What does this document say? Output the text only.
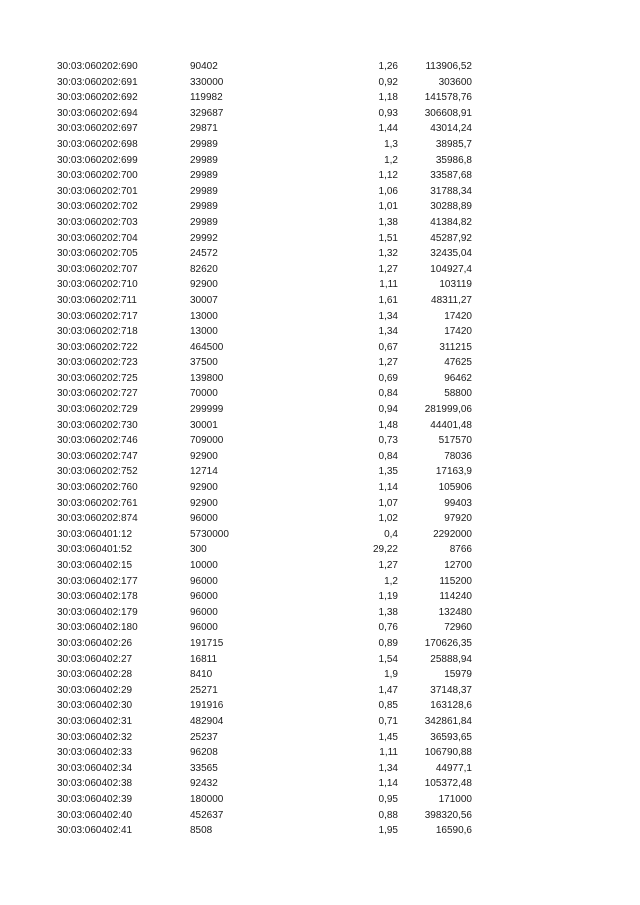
30:03:060202:690	90402	1,26	113906,52
30:03:060202:691	330000	0,92	303600
30:03:060202:692	119982	1,18	141578,76
30:03:060202:694	329687	0,93	306608,91
30:03:060202:697	29871	1,44	43014,24
30:03:060202:698	29989	1,3	38985,7
30:03:060202:699	29989	1,2	35986,8
30:03:060202:700	29989	1,12	33587,68
30:03:060202:701	29989	1,06	31788,34
30:03:060202:702	29989	1,01	30288,89
30:03:060202:703	29989	1,38	41384,82
30:03:060202:704	29992	1,51	45287,92
30:03:060202:705	24572	1,32	32435,04
30:03:060202:707	82620	1,27	104927,4
30:03:060202:710	92900	1,11	103119
30:03:060202:711	30007	1,61	48311,27
30:03:060202:717	13000	1,34	17420
30:03:060202:718	13000	1,34	17420
30:03:060202:722	464500	0,67	311215
30:03:060202:723	37500	1,27	47625
30:03:060202:725	139800	0,69	96462
30:03:060202:727	70000	0,84	58800
30:03:060202:729	299999	0,94	281999,06
30:03:060202:730	30001	1,48	44401,48
30:03:060202:746	709000	0,73	517570
30:03:060202:747	92900	0,84	78036
30:03:060202:752	12714	1,35	17163,9
30:03:060202:760	92900	1,14	105906
30:03:060202:761	92900	1,07	99403
30:03:060202:874	96000	1,02	97920
30:03:060401:12	5730000	0,4	2292000
30:03:060401:52	300	29,22	8766
30:03:060402:15	10000	1,27	12700
30:03:060402:177	96000	1,2	115200
30:03:060402:178	96000	1,19	114240
30:03:060402:179	96000	1,38	132480
30:03:060402:180	96000	0,76	72960
30:03:060402:26	191715	0,89	170626,35
30:03:060402:27	16811	1,54	25888,94
30:03:060402:28	8410	1,9	15979
30:03:060402:29	25271	1,47	37148,37
30:03:060402:30	191916	0,85	163128,6
30:03:060402:31	482904	0,71	342861,84
30:03:060402:32	25237	1,45	36593,65
30:03:060402:33	96208	1,11	106790,88
30:03:060402:34	33565	1,34	44977,1
30:03:060402:38	92432	1,14	105372,48
30:03:060402:39	180000	0,95	171000
30:03:060402:40	452637	0,88	398320,56
30:03:060402:41	8508	1,95	16590,6
